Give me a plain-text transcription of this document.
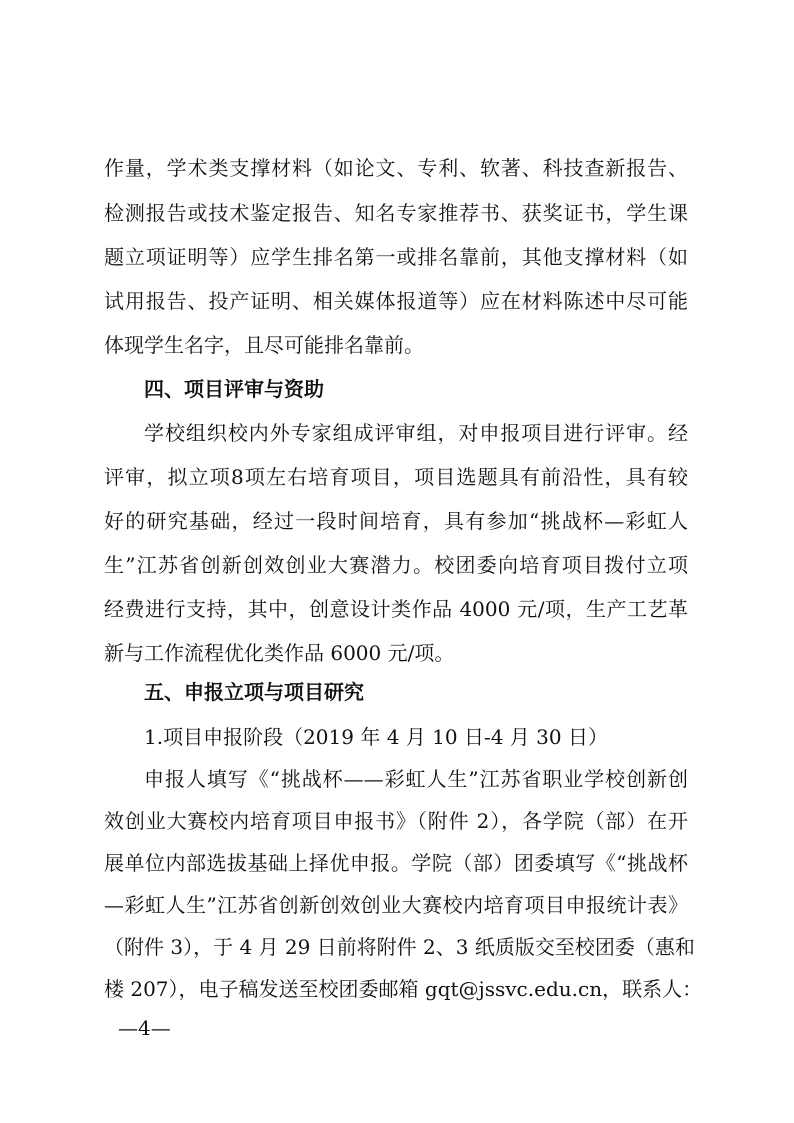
作量，学术类支撑材料（如论文、专利、软著、科技查新报告、
检测报告或技术鉴定报告、知名专家推荐书、获奖证书，学生课
题立项证明等）应学生排名第一或排名靠前，其他支撑材料（如
试用报告、投产证明、相关媒体报道等）应在材料陈述中尽可能
体现学生名字，且尽可能排名靠前。
四、项目评审与资助
学校组织校内外专家组成评审组，对申报项目进行评审。经
评审，拟立项8项左右培育项目，项目选题具有前沿性，具有较
好的研究基础，经过一段时间培育，具有参加“挑战杯—彩虹人
生”江苏省创新创效创业大赛潜力。校团委向培育项目拨付立项
经费进行支持，其中，创意设计类作品 4000 元/项，生产工艺革
新与工作流程优化类作品 6000 元/项。
五、申报立项与项目研究
1.项目申报阶段（2019 年 4 月 10 日-4 月 30 日）
申报人填写《“挑战杯——彩虹人生”江苏省职业学校创新创
效创业大赛校内培育项目申报书》（附件 2），各学院（部）在开
展单位内部选拔基础上择优申报。学院（部）团委填写《“挑战杯
—彩虹人生”江苏省创新创效创业大赛校内培育项目申报统计表》
（附件 3），于 4 月 29 日前将附件 2、3 纸质版交至校团委（惠和
楼 207），电子稿发送至校团委邮箱 gqt@jssvc.edu.cn，联系人：
—4—
